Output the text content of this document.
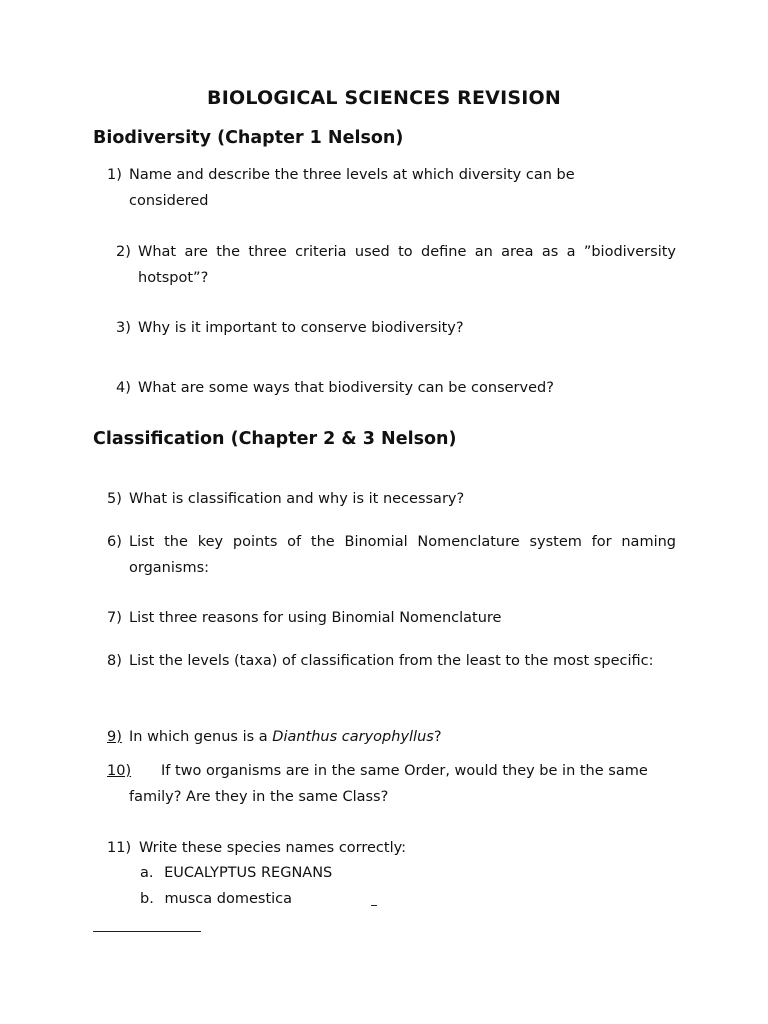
BIOLOGICAL SCIENCES REVISION
Biodiversity (Chapter 1 Nelson)
1) Name and describe the three levels at which diversity can be considered
2) What are the three criteria used to define an area as a ”biodiversity hotspot”?
3) Why is it important to conserve biodiversity?
4) What are some ways that biodiversity can be conserved?
Classification (Chapter 2 & 3 Nelson)
5) What is classification and why is it necessary?
6) List the key points of the Binomial Nomenclature system for naming organisms:
7) List three reasons for using Binomial Nomenclature
8) List the levels (taxa) of classification from the least to the most specific:
9) In which genus is a Dianthus caryophyllus?
10)	If two organisms are in the same Order, would they be in the same family? Are they in the same Class?
11) Write these species names correctly:
a. EUCALYPTUS REGNANS
b. musca domestica
